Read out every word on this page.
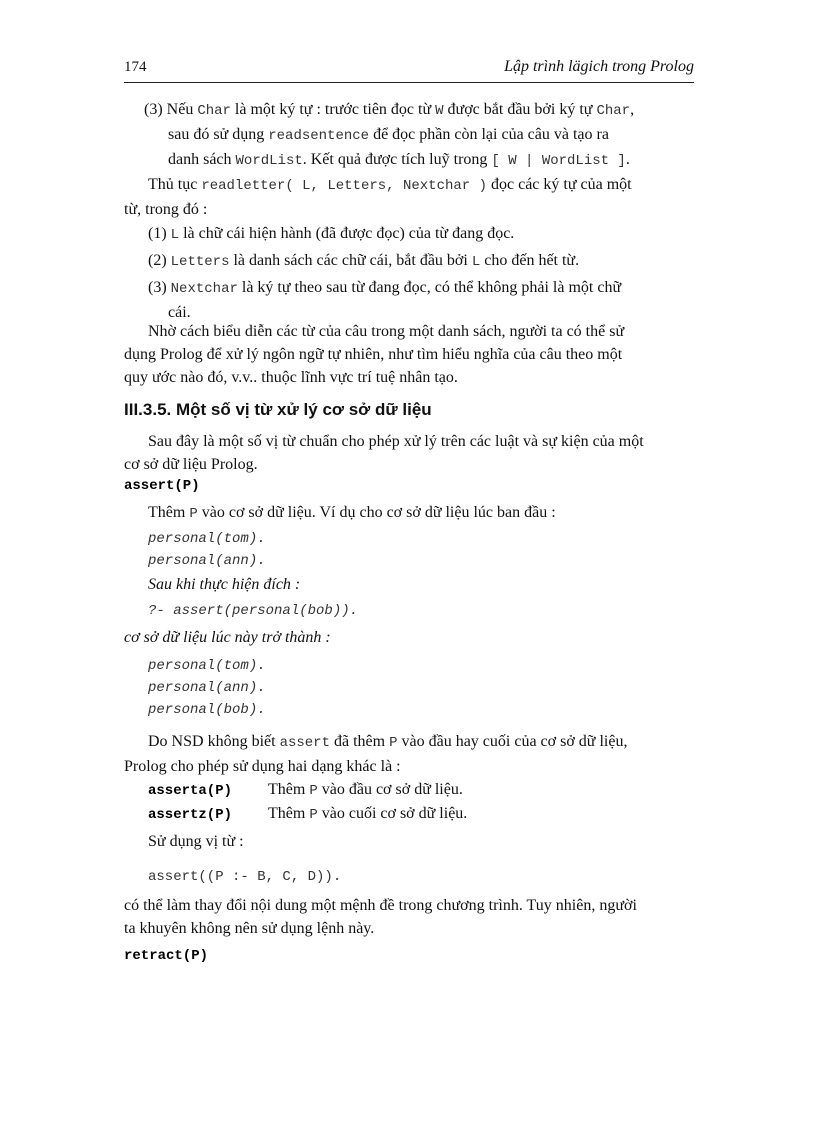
174	Lập trình lägich trong Prolog
(3) Nếu Char là một ký tự : trước tiên đọc từ W được bắt đầu bởi ký tự Char,
sau đó sử dụng readsentence để đọc phần còn lại của câu và tạo ra
danh sách WordList. Kết quả được tích luỹ trong [ W | WordList ].
Thủ tục readletter( L, Letters, Nextchar ) đọc các ký tự của một
từ, trong đó :
(1) L là chữ cái hiện hành (đã được đọc) của từ đang đọc.
(2) Letters là danh sách các chữ cái, bắt đầu bởi L cho đến hết từ.
(3) Nextchar là ký tự theo sau từ đang đọc, có thể không phải là một chữ
cái.
Nhờ cách biểu diễn các từ của câu trong một danh sách, người ta có thể sử
dụng Prolog để xử lý ngôn ngữ tự nhiên, như tìm hiểu nghĩa của câu theo một
quy ước nào đó, v.v.. thuộc lĩnh vực trí tuệ nhân tạo.
III.3.5. Một số vị từ xử lý cơ sở dữ liệu
Sau đây là một số vị từ chuẩn cho phép xử lý trên các luật và sự kiện của một
cơ sở dữ liệu Prolog.
assert(P)
Thêm P vào cơ sở dữ liệu. Ví dụ cho cơ sở dữ liệu lúc ban đầu :
personal(tom).
personal(ann).
Sau khi thực hiện đích :
?- assert(personal(bob)).
cơ sở dữ liệu lúc này trở thành :
personal(tom).
personal(ann).
personal(bob).
Do NSD không biết assert đã thêm P vào đầu hay cuối của cơ sở dữ liệu,
Prolog cho phép sử dụng hai dạng khác là :
asserta(P) Thêm P vào đầu cơ sở dữ liệu.
assertz(P) Thêm P vào cuối cơ sở dữ liệu.
Sử dụng vị từ :
assert((P :- B, C, D)).
có thể làm thay đổi nội dung một mệnh đề trong chương trình. Tuy nhiên, người
ta khuyên không nên sử dụng lệnh này.
retract(P)
